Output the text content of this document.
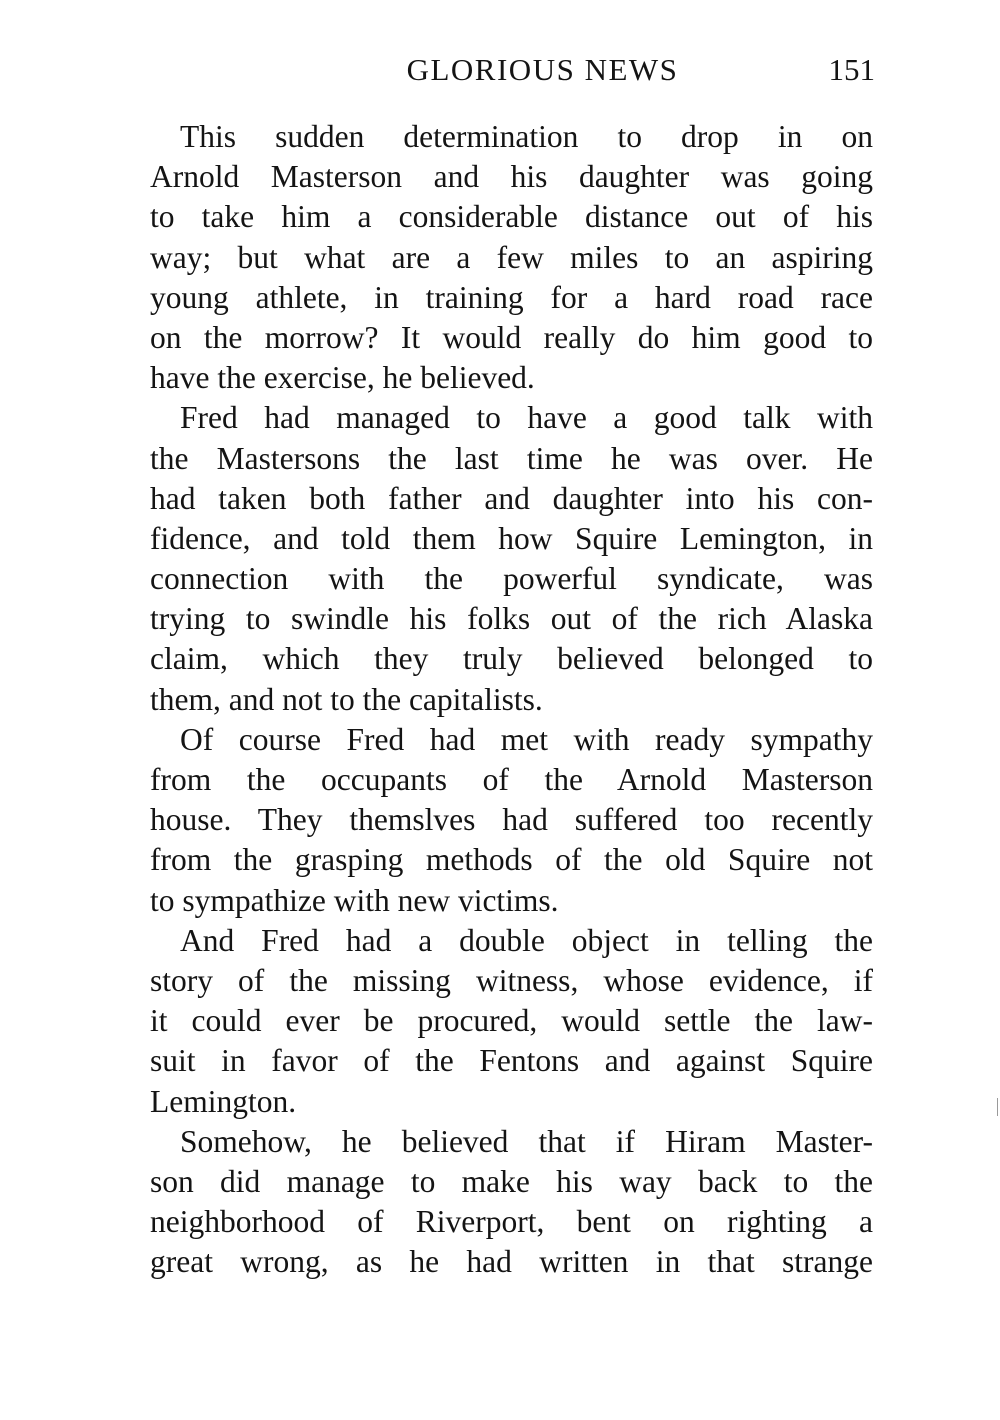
GLORIOUS NEWS	151
This sudden determination to drop in on
Arnold Masterson and his daughter was going
to take him a considerable distance out of his
way; but what are a few miles to an aspiring
young athlete, in training for a hard road race
on the morrow? It would really do him good to
have the exercise, he believed.
Fred had managed to have a good talk with
the Mastersons the last time he was over. He
had taken both father and daughter into his con-
fidence, and told them how Squire Lemington, in
connection with the powerful syndicate, was
trying to swindle his folks out of the rich Alaska
claim, which they truly believed belonged to
them, and not to the capitalists.
Of course Fred had met with ready sympathy
from the occupants of the Arnold Masterson
house. They themslves had suffered too recently
from the grasping methods of the old Squire not
to sympathize with new victims.
And Fred had a double object in telling the
story of the missing witness, whose evidence, if
it could ever be procured, would settle the law-
suit in favor of the Fentons and against Squire
Lemington.
Somehow, he believed that if Hiram Master-
son did manage to make his way back to the
neighborhood of Riverport, bent on righting a
great wrong, as he had written in that strange
